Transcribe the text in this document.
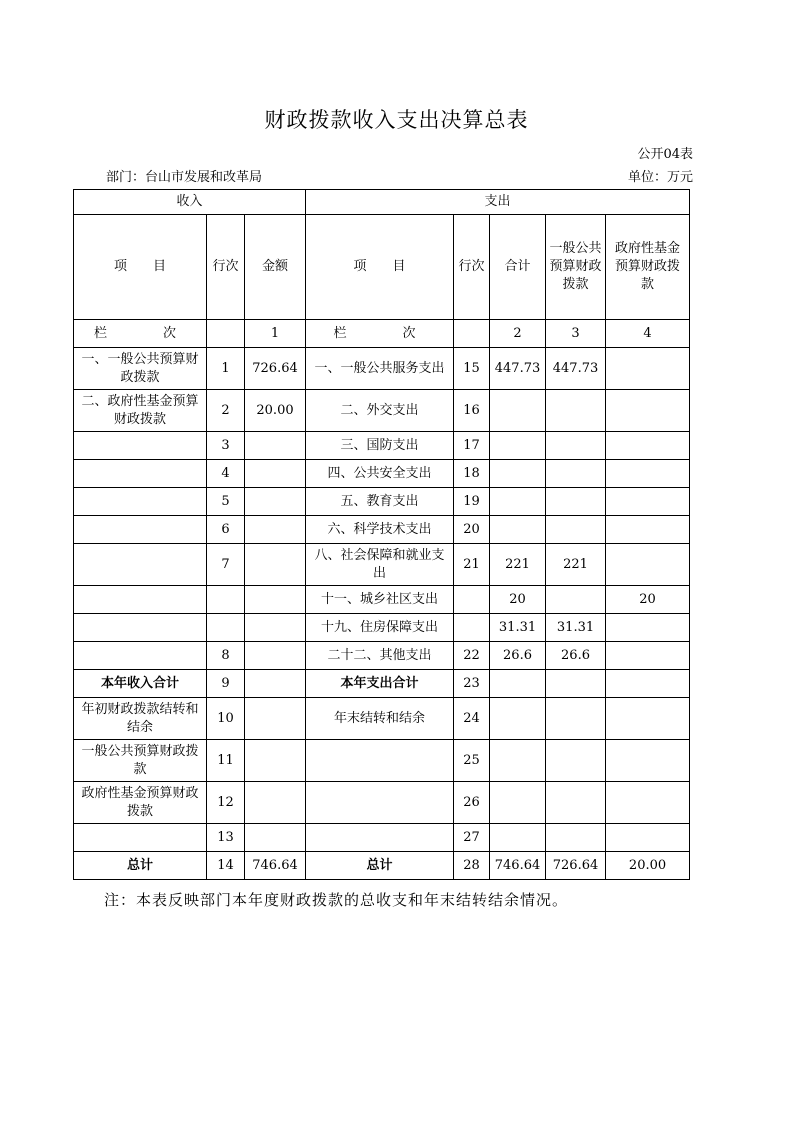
财政拨款收入支出决算总表
公开04表
部门：台山市发展和改革局	单位：万元
收入			支出				
项　　目	行次	金额	项　　目	行次	合计	一般公共预算财政拨款	政府性基金预算财政拨款
栏　　次		1	栏　　次		2	3	4
一、一般公共预算财政拨款	1	726.64	一、一般公共服务支出	15	447.73	447.73	
二、政府性基金预算财政拨款	2	20.00	二、外交支出	16			
	3		三、国防支出	17			
	4		四、公共安全支出	18			
	5		五、教育支出	19			
	6		六、科学技术支出	20			
	7		八、社会保障和就业支出	21	221	221	
			十一、城乡社区支出		20		20
			十九、住房保障支出		31.31	31.31	
	8		二十二、其他支出	22	26.6	26.6	
本年收入合计	9		本年支出合计	23			
年初财政拨款结转和结余	10		年末结转和结余	24			
一般公共预算财政拨款	11			25			
政府性基金预算财政拨款	12			26			
	13			27			
总计	14	746.64	总计	28	746.64	726.64	20.00
注：本表反映部门本年度财政拨款的总收支和年末结转结余情况。
